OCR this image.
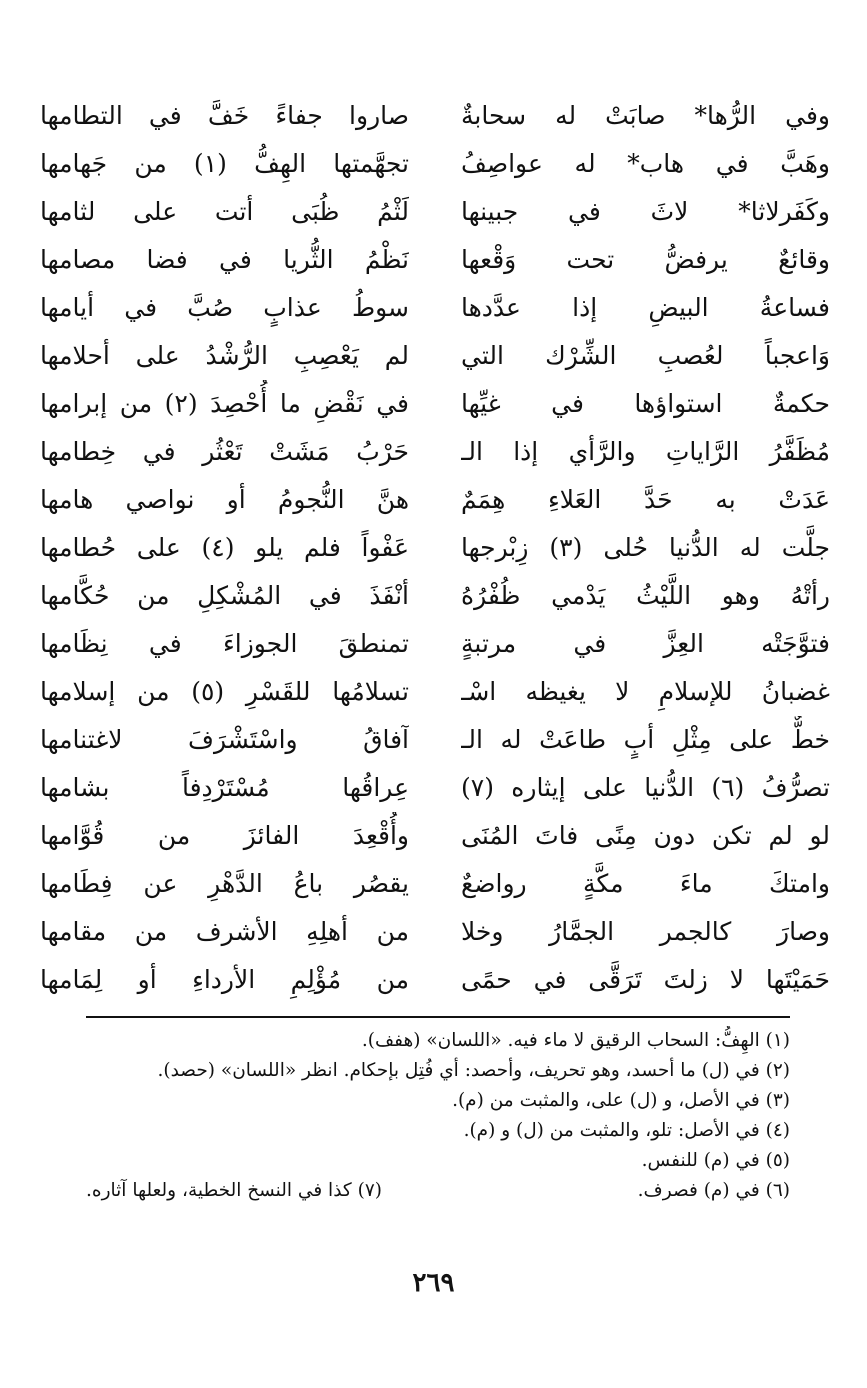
وفي الرُّها* صابَتْ له سحابةٌ
وهَبَّ في هاب* له عواصِفُ
وكَفَرلاثا* لاثَ في جبينها
وقائعٌ يرفضُّ تحت وَقْعها
فساعةُ البيضِ إذا عدَّدها
وَاعجباً لعُصبِ الشِّرْك التي
حكمةٌ استواؤها في غيِّها
مُظَفَّرُ الرَّاياتِ والرَّأي إذا الـ
عَدَتْ به حَدَّ العَلاءِ هِمَمٌ
جلَّت له الدُّنيا حُلى (٣) زِبْرجها
رأتْهُ وهو اللَّيْثُ يَدْمي ظُفْرُهُ
فتوَّجَتْه العِزَّ في مرتبةٍ
غضبانُ للإسلامِ لا يغيظه اسْـ
خطٌّ على مِثْلِ أبٍ طاعَتْ له الـ
تصرُّفُ (٦) الدُّنيا على إيثاره (٧)
لو لم تكن دون مِنًى فاتَ المُنَى
وامتكَ ماءَ مكَّةٍ رواضعٌ
وصارَ كالجمر الجمَّارُ وخلا
حَمَيْتَها لا زلتَ تَرَقَّى في حمًى
صاروا جفاءً خَفَّ في التطامها
تجهَّمتها الهِفُّ (١) من جَهامها
لَثْمُ ظُبَى أتت على لثامها
نَظْمُ الثُّريا في فضا مصامها
سوطُ عذابٍ صُبَّ في أيامها
لم يَعْصِبِ الرُّشْدُ على أحلامها
في نَقْضِ ما أُحْصِدَ (٢) من إبرامها
حَرْبُ مَشَتْ تَعْثُر في خِطامها
هنَّ النُّجومُ أو نواصي هامها
عَفْواً فلم يلو (٤) على حُطامها
أنْفَذَ في المُشْكِلِ من حُكَّامها
تمنطقَ الجوزاءَ في نِظَامها
تسلامُها للقَسْرِ (٥) من إسلامها
آفاقُ واسْتَشْرَفَ لاغتنامها
عِراقُها مُسْتَرْدِفاً بشامها
وأُقْعِدَ الفائزَ من قُوَّامها
يقصُر باعُ الدَّهْرِ عن فِطَامها
من أهلِهِ الأشرف من مقامها
من مُؤْلِمِ الأرداءِ أو لِمَامها
(١) الهِفُّ: السحاب الرقيق لا ماء فيه. «اللسان» (هفف).
(٢) في (ل) ما أحسد، وهو تحريف، وأحصد: أي فُتِل بإحكام. انظر «اللسان» (حصد).
(٣) في الأصل، و (ل) على، والمثبت من (م).
(٤) في الأصل: تلو، والمثبت من (ل) و (م).
(٥) في (م) للنفس.
(٦) في (م) فصرف.
(٧) كذا في النسخ الخطية، ولعلها آثاره.
٢٦٩
